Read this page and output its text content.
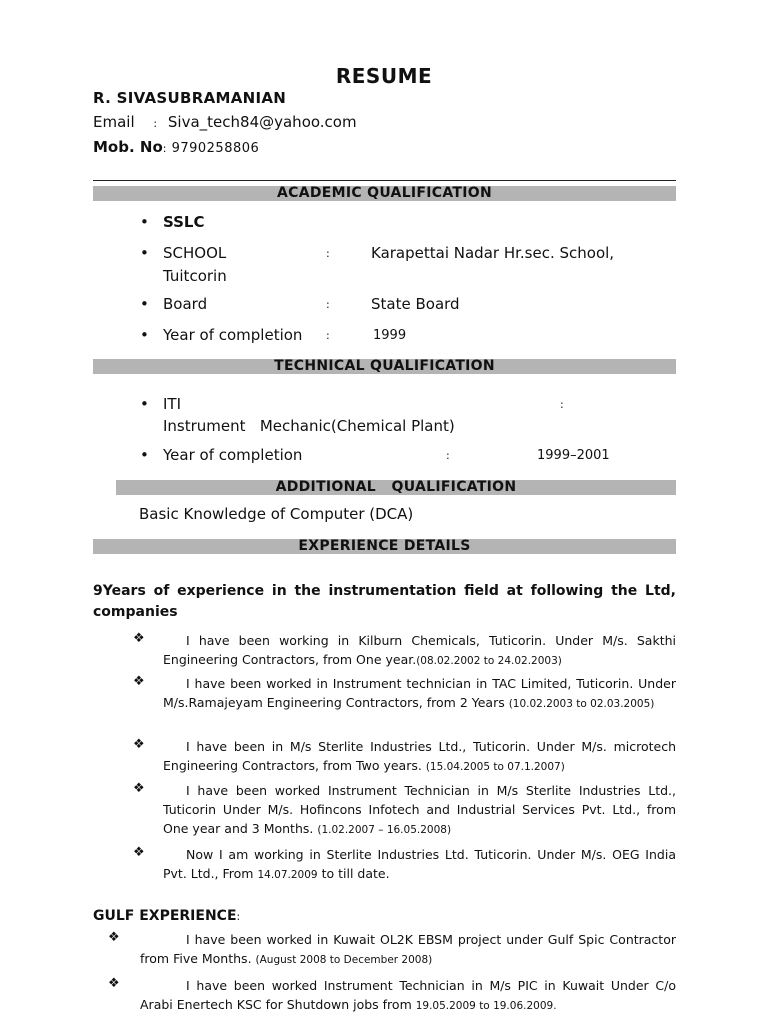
RESUME
R. SIVASUBRAMANIAN
Email : Siva_tech84@yahoo.com
Mob. No: 9790258806
ACADEMIC QUALIFICATION
• SSLC
• SCHOOL	:	Karapettai Nadar Hr.sec. School,
Tuitcorin
• Board	:	State Board
• Year of completion :	1999
TECHNICAL QUALIFICATION
• ITI	:
Instrument   Mechanic(Chemical Plant)
• Year of completion	:	1999–2001
ADDITIONAL   QUALIFICATION
Basic Knowledge of Computer (DCA)
EXPERIENCE DETAILS
9Years of experience in the instrumentation field at following the Ltd, companies
❖	I have been working in Kilburn Chemicals, Tuticorin. Under M/s. Sakthi Engineering Contractors, from One year.(08.02.2002 to 24.02.2003)
❖	I have been worked in Instrument technician in TAC Limited, Tuticorin. Under M/s.Ramajeyam Engineering Contractors, from 2 Years (10.02.2003 to 02.03.2005)
❖	I have been in M/s Sterlite Industries Ltd., Tuticorin. Under M/s. microtech Engineering Contractors, from Two years. (15.04.2005 to 07.1.2007)
❖	I have been worked Instrument Technician in M/s Sterlite Industries Ltd., Tuticorin Under M/s. Hofincons Infotech and Industrial Services Pvt. Ltd., from One year and 3 Months. (1.02.2007 – 16.05.2008)
❖	Now I am working in Sterlite Industries Ltd. Tuticorin. Under M/s. OEG India Pvt. Ltd., From 14.07.2009 to till date.
GULF EXPERIENCE:
❖	I have been worked in Kuwait OL2K EBSM project under Gulf Spic Contractor from Five Months. (August 2008 to December 2008)
❖	I have been worked Instrument Technician in M/s PIC in Kuwait Under C/o Arabi Enertech KSC for Shutdown jobs from 19.05.2009 to 19.06.2009.
